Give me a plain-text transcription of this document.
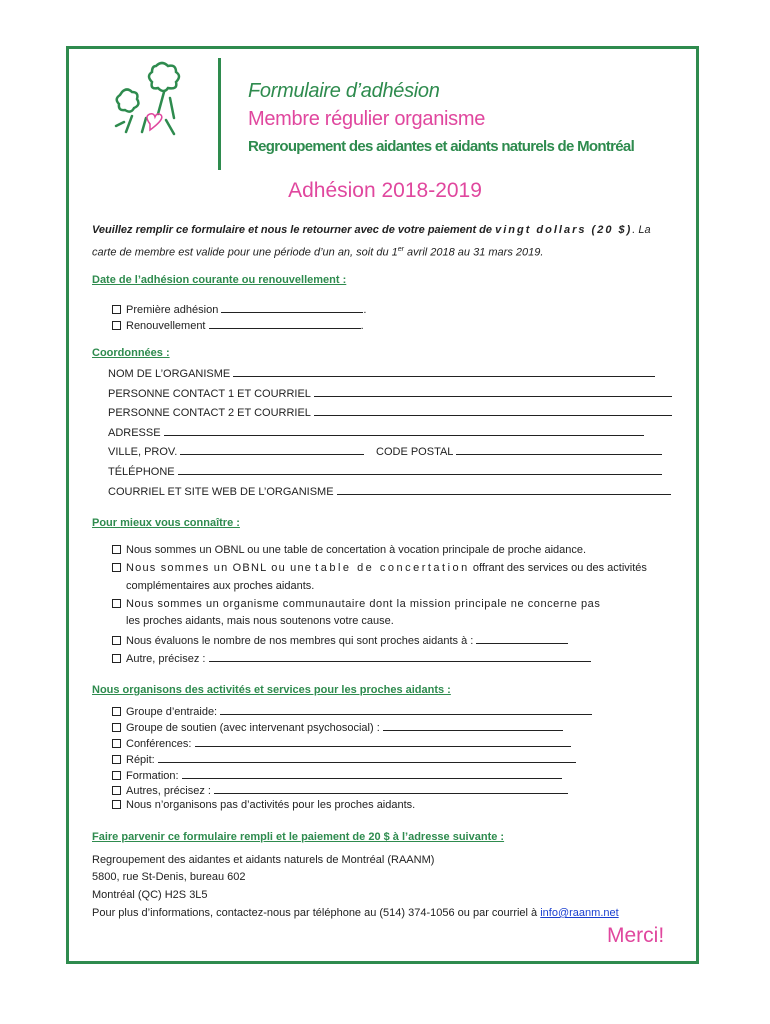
Formulaire d’adhésion
Membre régulier organisme
Regroupement des aidantes et aidants naturels de Montréal
Adhésion 2018-2019
Veuillez remplir ce formulaire et nous le retourner avec de votre paiement de vingt dollars (20 $). La carte de membre est valide pour une période d’un an, soit du 1er avril 2018 au 31 mars 2019.
Date de l’adhésion courante ou renouvellement :
Première adhésion	.
Renouvellement	.
Coordonnées :
NOM DE L’ORGANISME
PERSONNE CONTACT 1 ET COURRIEL
PERSONNE CONTACT 2 ET COURRIEL
ADRESSE
VILLE, PROV.	CODE POSTAL
TÉLÉPHONE
COURRIEL ET SITE WEB DE L’ORGANISME
Pour mieux vous connaître :
Nous sommes un OBNL ou une table de concertation à vocation principale de proche aidance.
Nous sommes un OBNL ou une table de concertation offrant des services ou des activités
complémentaires aux proches aidants.
Nous sommes un organisme communautaire dont la mission principale ne concerne pas
les proches aidants, mais nous soutenons votre cause.
Nous évaluons le nombre de nos membres qui sont proches aidants à :
Autre, précisez :
Nous organisons des activités et services pour les proches aidants :
Groupe d’entraide:
Groupe de soutien (avec intervenant psychosocial) :
Conférences:
Répit:
Formation:
Autres, précisez :
Nous n’organisons pas d’activités pour les proches aidants.
Faire parvenir ce formulaire rempli et le paiement de 20 $ à l’adresse suivante :
Regroupement des aidantes et aidants naturels de Montréal (RAANM)
5800, rue St-Denis, bureau 602
Montréal (QC) H2S 3L5
Pour plus d’informations, contactez-nous par téléphone au (514) 374-1056 ou par courriel à info@raanm.net
Merci!
